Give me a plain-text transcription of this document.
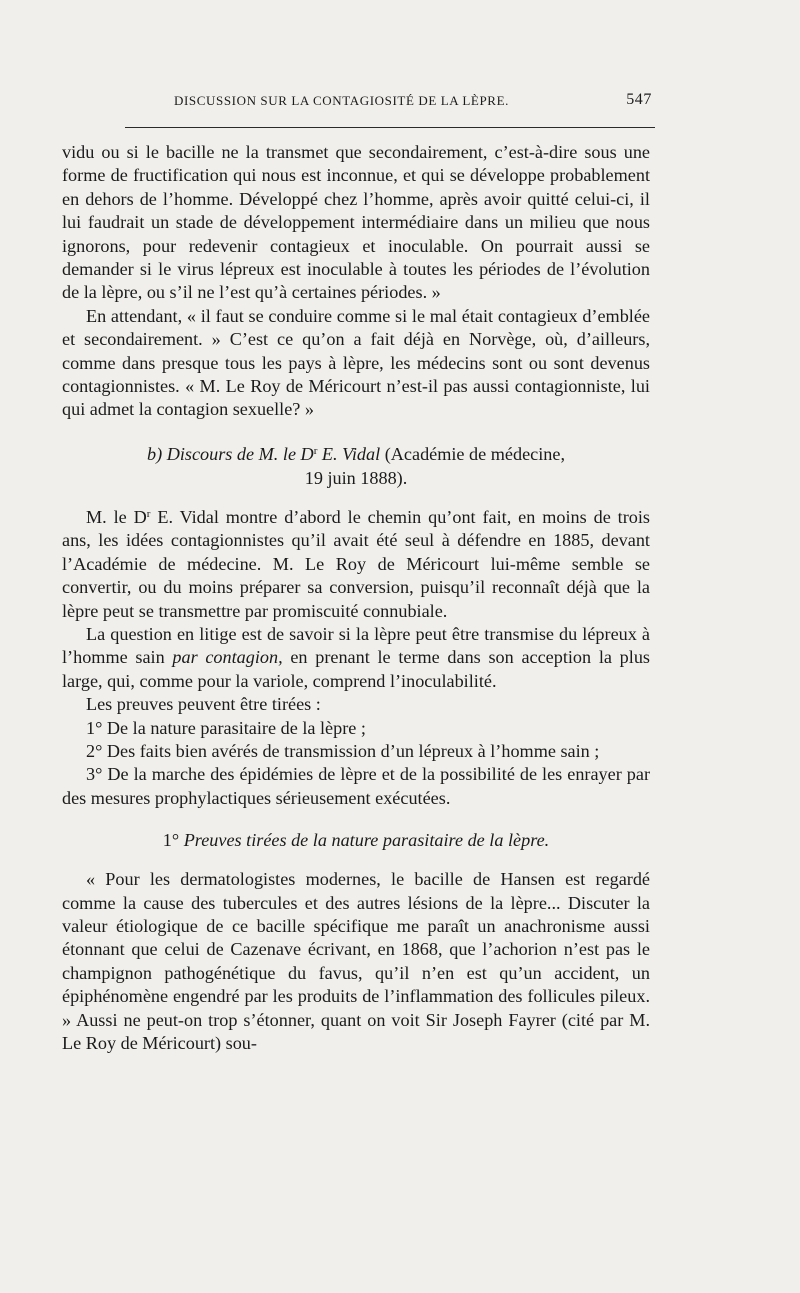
DISCUSSION SUR LA CONTAGIOSITÉ DE LA LÈPRE.	547

vidu ou si le bacille ne la transmet que secondairement, c’est-à-dire sous une forme de fructification qui nous est inconnue, et qui se développe probablement en dehors de l’homme. Développé chez l’homme, après avoir quitté celui-ci, il lui faudrait un stade de développement intermédiaire dans un milieu que nous ignorons, pour redevenir contagieux et inoculable. On pourrait aussi se demander si le virus lépreux est inoculable à toutes les périodes de l’évolution de la lèpre, ou s’il ne l’est qu’à certaines périodes. »

En attendant, « il faut se conduire comme si le mal était contagieux d’emblée et secondairement. » C’est ce qu’on a fait déjà en Norvège, où, d’ailleurs, comme dans presque tous les pays à lèpre, les médecins sont ou sont devenus contagionnistes. « M. Le Roy de Méricourt n’est-il pas aussi contagionniste, lui qui admet la contagion sexuelle? »

b) Discours de M. le $D^r$ E. Vidal (Académie de médecine,
19 juin 1888).

M. le $D^r$ E. Vidal montre d’abord le chemin qu’ont fait, en moins de trois ans, les idées contagionnistes qu’il avait été seul à défendre en 1885, devant l’Académie de médecine. M. Le Roy de Méricourt lui-même semble se convertir, ou du moins préparer sa conversion, puisqu’il reconnaît déjà que la lèpre peut se transmettre par promiscuité connubiale.

La question en litige est de savoir si la lèpre peut être transmise du lépreux à l’homme sain par contagion, en prenant le terme dans son acception la plus large, qui, comme pour la variole, comprend l’inoculabilité.

Les preuves peuvent être tirées :

1° De la nature parasitaire de la lèpre ;

2° Des faits bien avérés de transmission d’un lépreux à l’homme sain ;

3° De la marche des épidémies de lèpre et de la possibilité de les enrayer par des mesures prophylactiques sérieusement exécutées.

1° Preuves tirées de la nature parasitaire de la lèpre.

« Pour les dermatologistes modernes, le bacille de Hansen est regardé comme la cause des tubercules et des autres lésions de la lèpre... Discuter la valeur étiologique de ce bacille spécifique me paraît un anachronisme aussi étonnant que celui de Cazenave écrivant, en 1868, que l’achorion n’est pas le champignon pathogénétique du favus, qu’il n’en est qu’un accident, un épiphénomène engendré par les produits de l’inflammation des follicules pileux. » Aussi ne peut-on trop s’étonner, quant on voit Sir Joseph Fayrer (cité par M. Le Roy de Méricourt) sou-
